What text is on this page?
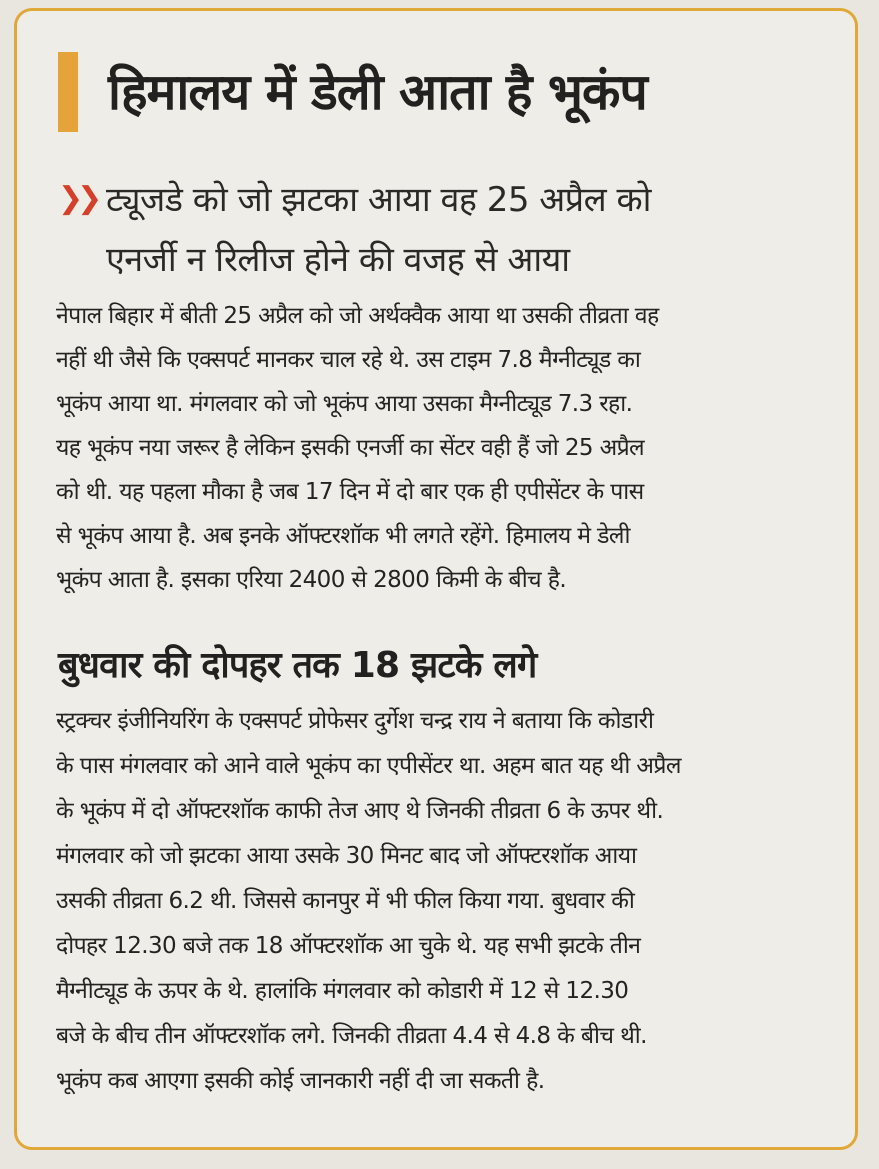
हिमालय में डेली आता है भूकंप
❯❯ ट्यूजडे को जो झटका आया वह 25 अप्रैल को
एनर्जी न रिलीज होने की वजह से आया
नेपाल बिहार में बीती 25 अप्रैल को जो अर्थक्वैक आया था उसकी तीव्रता वह
नहीं थी जैसे कि एक्सपर्ट मानकर चाल रहे थे. उस टाइम 7.8 मैग्नीट्यूड का
भूकंप आया था. मंगलवार को जो भूकंप आया उसका मैग्नीट्यूड 7.3 रहा.
यह भूकंप नया जरूर है लेकिन इसकी एनर्जी का सेंटर वही हैं जो 25 अप्रैल
को थी. यह पहला मौका है जब 17 दिन में दो बार एक ही एपीसेंटर के पास
से भूकंप आया है. अब इनके ऑफ्टरशॉक भी लगते रहेंगे. हिमालय मे डेली
भूकंप आता है. इसका एरिया 2400 से 2800 किमी के बीच है.
बुधवार की दोपहर तक 18 झटके लगे
स्ट्रक्चर इंजीनियरिंग के एक्सपर्ट प्रोफेसर दुर्गेश चन्द्र राय ने बताया कि कोडारी
के पास मंगलवार को आने वाले भूकंप का एपीसेंटर था. अहम बात यह थी अप्रैल
के भूकंप में दो ऑफ्टरशॉक काफी तेज आए थे जिनकी तीव्रता 6 के ऊपर थी.
मंगलवार को जो झटका आया उसके 30 मिनट बाद जो ऑफ्टरशॉक आया
उसकी तीव्रता 6.2 थी. जिससे कानपुर में भी फील किया गया. बुधवार की
दोपहर 12.30 बजे तक 18 ऑफ्टरशॉक आ चुके थे. यह सभी झटके तीन
मैग्नीट्यूड के ऊपर के थे. हालांकि मंगलवार को कोडारी में 12 से 12.30
बजे के बीच तीन ऑफ्टरशॉक लगे. जिनकी तीव्रता 4.4 से 4.8 के बीच थी.
भूकंप कब आएगा इसकी कोई जानकारी नहीं दी जा सकती है.
